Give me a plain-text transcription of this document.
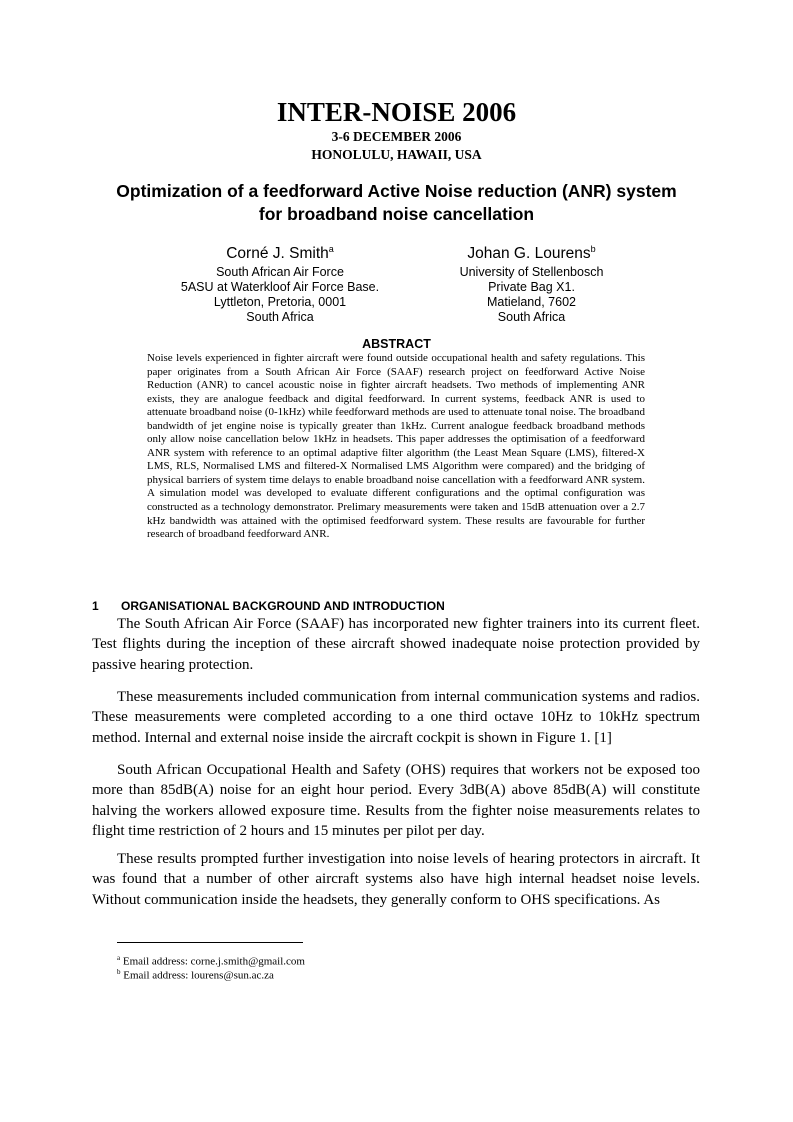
INTER-NOISE 2006
3-6 DECEMBER 2006
HONOLULU, HAWAII, USA
Optimization of a feedforward Active Noise reduction (ANR) system
for broadband noise cancellation
Corné J. Smith$^a$
South African Air Force
5ASU at Waterkloof Air Force Base.
Lyttleton, Pretoria, 0001
South Africa
Johan G. Lourens$^b$
University of Stellenbosch
Private Bag X1.
Matieland, 7602
South Africa
ABSTRACT

Noise levels experienced in fighter aircraft were found outside occupational health and safety regulations. This paper originates from a South African Air Force (SAAF) research project on feedforward Active Noise Reduction (ANR) to cancel acoustic noise in fighter aircraft headsets. Two methods of implementing ANR exists, they are analogue feedback and digital feedforward. In current systems, feedback ANR is used to attenuate broadband noise (0-1kHz) while feedforward methods are used to attenuate tonal noise. The broadband bandwidth of jet engine noise is typically greater than 1kHz. Current analogue feedback broadband methods only allow noise cancellation below 1kHz in headsets. This paper addresses the optimisation of a feedforward ANR system with reference to an optimal adaptive filter algorithm (the Least Mean Square (LMS), filtered-X LMS, RLS, Normalised LMS and filtered-X Normalised LMS Algorithm were compared) and the bridging of physical barriers of system time delays to enable broadband noise cancellation with a feedforward ANR system. A simulation model was developed to evaluate different configurations and the optimal configuration was constructed as a technology demonstrator. Prelimary measurements were taken and 15dB attenuation over a 2.7 kHz bandwidth was attained with the optimised feedforward system. These results are favourable for further research of broadband feedforward ANR.

1 ORGANISATIONAL BACKGROUND AND INTRODUCTION

The South African Air Force (SAAF) has incorporated new fighter trainers into its current fleet. Test flights during the inception of these aircraft showed inadequate noise protection provided by passive hearing protection.

These measurements included communication from internal communication systems and radios. These measurements were completed according to a one third octave 10Hz to 10kHz spectrum method. Internal and external noise inside the aircraft cockpit is shown in Figure 1. [1]

South African Occupational Health and Safety (OHS) requires that workers not be exposed too more than 85dB(A) noise for an eight hour period. Every 3dB(A) above 85dB(A) will constitute halving the workers allowed exposure time. Results from the fighter noise measurements relates to flight time restriction of 2 hours and 15 minutes per pilot per day.

These results prompted further investigation into noise levels of hearing protectors in aircraft. It was found that a number of other aircraft systems also have high internal headset noise levels. Without communication inside the headsets, they generally conform to OHS specifications. As

$^a$ Email address: corne.j.smith@gmail.com
$^b$ Email address: lourens@sun.ac.za
